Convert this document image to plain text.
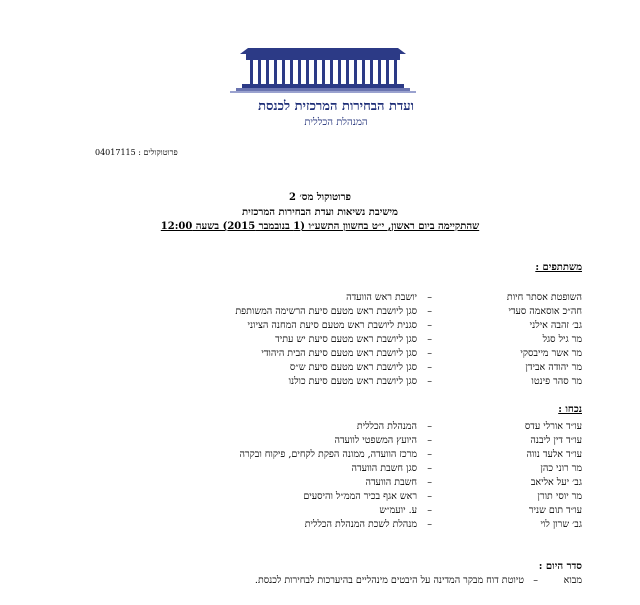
ועדת הבחירות המרכזית לכנסת
המנהלת הכללית
פרוטוקולים : 04017115
פרוטוקול מס׳ 2
מישיבת נשיאות ועדת הבחירות המרכזית
שהתקיימה ביום ראשון, י״ט בחשוון התשע״ו (1 בנובמבר 2015) בשעה 12:00
משתתפים :
השופטת אסתר חיות
–
יושבת ראש הוועדה
חה״כ אוסאמה סעדי
–
סגן ליושבת ראש מטעם סיעת הרשימה המשותפת
גב׳ זהבה אילני
–
סגנית ליושבת ראש מטעם סיעת המחנה הציוני
מר גיל סגל
–
סגן ליושבת ראש מטעם סיעת יש עתיד
מר אשר מייבסקי
–
סגן ליושבת ראש מטעם סיעת הבית היהודי
מר יהודה אבידן
–
סגן ליושבת ראש מטעם סיעת ש״ס
מר סהר פינטו
–
סגן ליושבת ראש מטעם סיעת כולנו
נכחו :
עו״ד אורלי עדס
–
המנהלת הכללית
עו״ד דין ליבנה
–
היועץ המשפטי לוועדה
עו״ד אלעד נווה
–
מרכז הוועדה, ממונה הפקת לקחים, פיקוח ובקרה
מר רוני כהן
–
סגן חשבת הוועדה
גב׳ יעל אליאב
–
חשבת הוועדה
מר יוסי תורן
–
ראש אגף בכיר הממ״ל והיסעים
עו״ד תום שניר
–
ע. יועמ״ש
גב׳ שרון לוי
–
מנהלת לשכת המנהלת הכללית
סדר היום :
מבוא
–
טיוטת דוח מבקר המדינה על היבטים מינהליים בהיערכות לבחירות לכנסת.
